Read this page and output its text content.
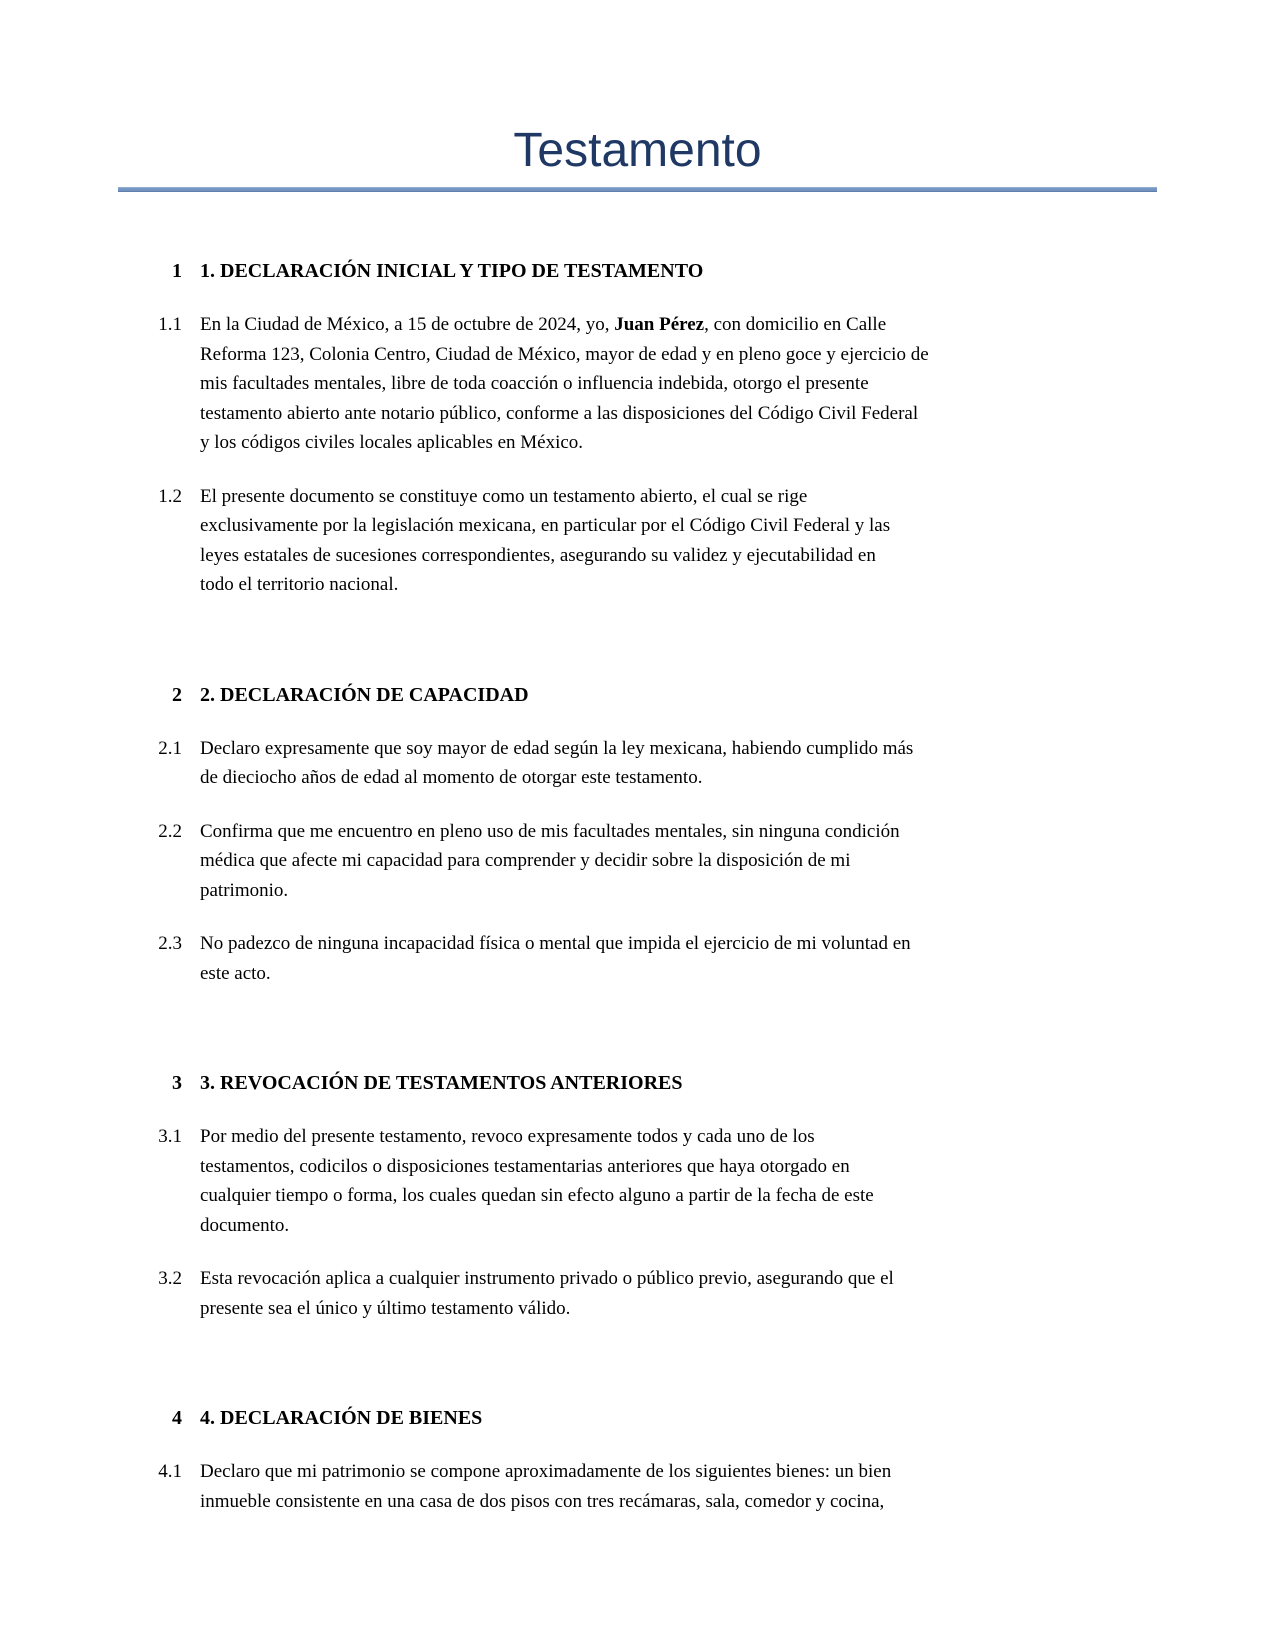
Testamento
1 1. DECLARACIÓN INICIAL Y TIPO DE TESTAMENTO
1.1 En la Ciudad de México, a 15 de octubre de 2024, yo, Juan Pérez, con domicilio en Calle
Reforma 123, Colonia Centro, Ciudad de México, mayor de edad y en pleno goce y ejercicio de
mis facultades mentales, libre de toda coacción o influencia indebida, otorgo el presente
testamento abierto ante notario público, conforme a las disposiciones del Código Civil Federal
y los códigos civiles locales aplicables en México.
1.2 El presente documento se constituye como un testamento abierto, el cual se rige
exclusivamente por la legislación mexicana, en particular por el Código Civil Federal y las
leyes estatales de sucesiones correspondientes, asegurando su validez y ejecutabilidad en
todo el territorio nacional.
2 2. DECLARACIÓN DE CAPACIDAD
2.1 Declaro expresamente que soy mayor de edad según la ley mexicana, habiendo cumplido más
de dieciocho años de edad al momento de otorgar este testamento.
2.2 Confirma que me encuentro en pleno uso de mis facultades mentales, sin ninguna condición
médica que afecte mi capacidad para comprender y decidir sobre la disposición de mi
patrimonio.
2.3 No padezco de ninguna incapacidad física o mental que impida el ejercicio de mi voluntad en
este acto.
3 3. REVOCACIÓN DE TESTAMENTOS ANTERIORES
3.1 Por medio del presente testamento, revoco expresamente todos y cada uno de los
testamentos, codicilos o disposiciones testamentarias anteriores que haya otorgado en
cualquier tiempo o forma, los cuales quedan sin efecto alguno a partir de la fecha de este
documento.
3.2 Esta revocación aplica a cualquier instrumento privado o público previo, asegurando que el
presente sea el único y último testamento válido.
4 4. DECLARACIÓN DE BIENES
4.1 Declaro que mi patrimonio se compone aproximadamente de los siguientes bienes: un bien
inmueble consistente en una casa de dos pisos con tres recámaras, sala, comedor y cocina,
